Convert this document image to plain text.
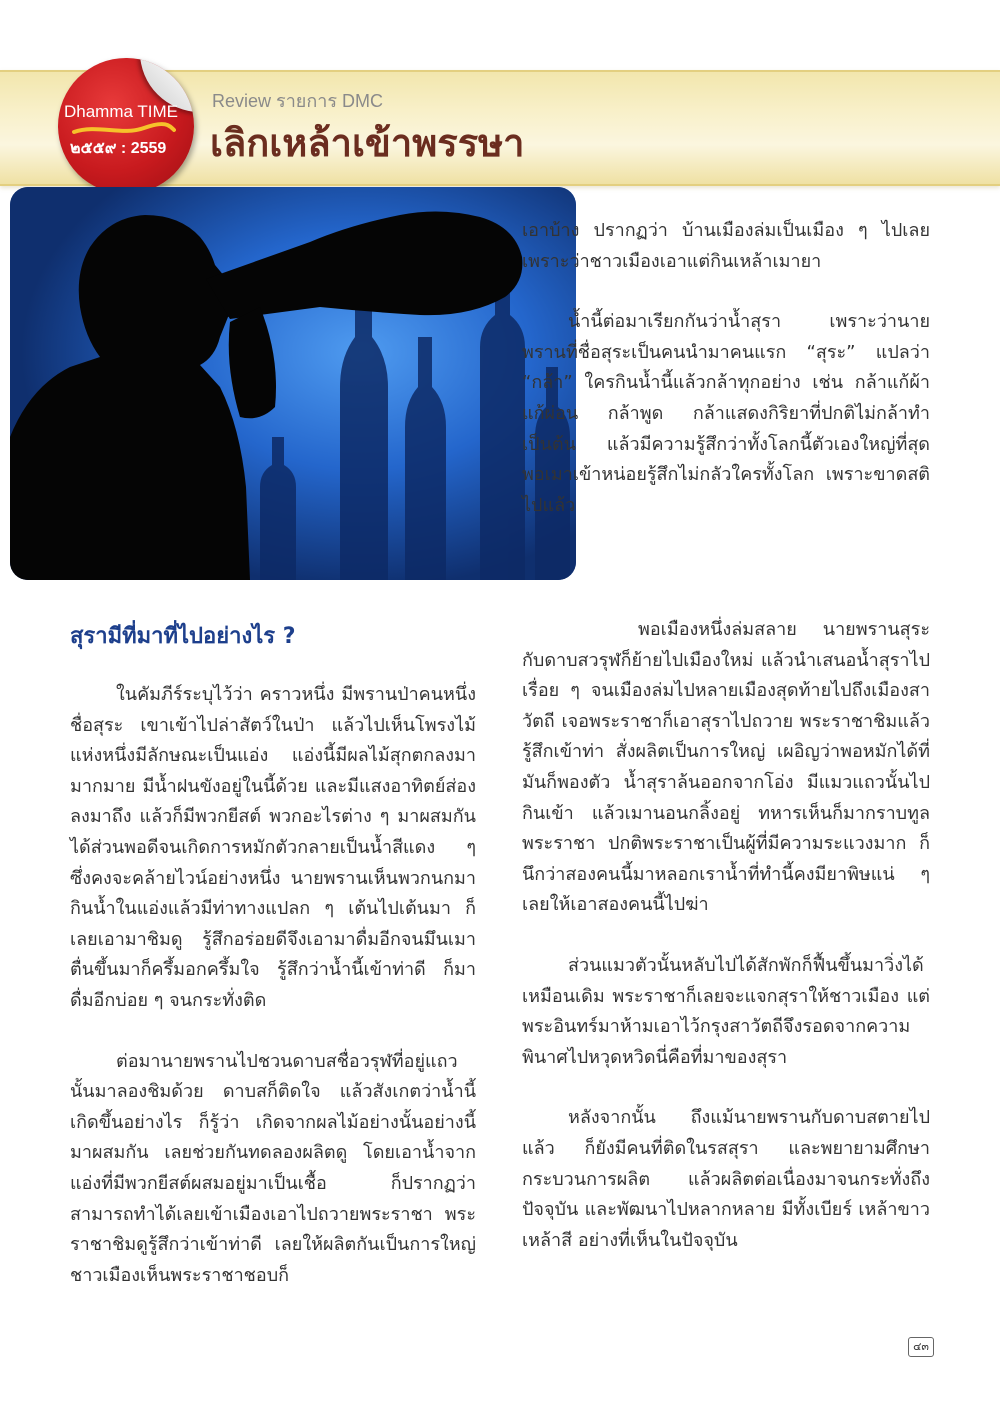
Dhamma TIME
๒๕๕๙ : 2559
Review รายการ DMC
เลิกเหล้าเข้าพรรษา

เอาบ้าง ปรากฏว่า บ้านเมืองล่มเป็นเมือง ๆ ไปเลย เพราะว่าชาวเมืองเอาแต่กินเหล้าเมายา

น้ำนี้ต่อมาเรียกกันว่าน้ำสุรา เพราะว่านายพรานที่ชื่อสุระเป็นคนนำมาคนแรก “สุระ” แปลว่า “กล้า” ใครกินน้ำนี้แล้วกล้าทุกอย่าง เช่น กล้าแก้ผ้าแก้ผ่อน กล้าพูด กล้าแสดงกิริยาที่ปกติไม่กล้าทำ เป็นต้น แล้วมีความรู้สึกว่าทั้งโลกนี้ตัวเองใหญ่ที่สุด พอเมาเข้าหน่อยรู้สึกไม่กลัวใครทั้งโลก เพราะขาดสติไปแล้ว

สุรามีที่มาที่ไปอย่างไร ?

ในคัมภีร์ระบุไว้ว่า คราวหนึ่ง มีพรานป่าคนหนึ่งชื่อสุระ เขาเข้าไปล่าสัตว์ในป่า แล้วไปเห็นโพรงไม้แห่งหนึ่งมีลักษณะเป็นแอ่ง แอ่งนี้มีผลไม้สุกตกลงมามากมาย มีน้ำฝนขังอยู่ในนี้ด้วย และมีแสงอาทิตย์ส่องลงมาถึง แล้วก็มีพวกยีสต์ พวกอะไรต่าง ๆ มาผสมกันได้ส่วนพอดีจนเกิดการหมักตัวกลายเป็นน้ำสีแดง ๆ ซึ่งคงจะคล้ายไวน์อย่างหนึ่ง นายพรานเห็นพวกนกมากินน้ำในแอ่งแล้วมีท่าทางแปลก ๆ เต้นไปเต้นมา ก็เลยเอามาชิมดู รู้สึกอร่อยดีจึงเอามาดื่มอีกจนมึนเมา ตื่นขึ้นมาก็ครึ้มอกครึ้มใจ รู้สึกว่าน้ำนี้เข้าท่าดี ก็มาดื่มอีกบ่อย ๆ จนกระทั่งติด

ต่อมานายพรานไปชวนดาบสชื่อวรุฬที่อยู่แถวนั้นมาลองชิมด้วย ดาบสก็ติดใจ แล้วสังเกตว่าน้ำนี้เกิดขึ้นอย่างไร ก็รู้ว่า เกิดจากผลไม้อย่างนั้นอย่างนี้มาผสมกัน เลยช่วยกันทดลองผลิตดู โดยเอาน้ำจากแอ่งที่มีพวกยีสต์ผสมอยู่มาเป็นเชื้อ ก็ปรากฏว่าสามารถทำได้เลยเข้าเมืองเอาไปถวายพระราชา พระราชาชิมดูรู้สึกว่าเข้าท่าดี เลยให้ผลิตกันเป็นการใหญ่ชาวเมืองเห็นพระราชาชอบก็

พอเมืองหนึ่งล่มสลาย นายพรานสุระกับดาบสวรุฬก็ย้ายไปเมืองใหม่ แล้วนำเสนอน้ำสุราไปเรื่อย ๆ จนเมืองล่มไปหลายเมืองสุดท้ายไปถึงเมืองสาวัตถี เจอพระราชาก็เอาสุราไปถวาย พระราชาชิมแล้วรู้สึกเข้าท่า สั่งผลิตเป็นการใหญ่ เผอิญว่าพอหมักได้ที่มันก็พองตัว น้ำสุราล้นออกจากโอ่ง มีแมวแถวนั้นไปกินเข้า แล้วเมานอนกลิ้งอยู่ ทหารเห็นก็มากราบทูลพระราชา ปกติพระราชาเป็นผู้ที่มีความระแวงมาก ก็นึกว่าสองคนนี้มาหลอกเราน้ำที่ทำนี้คงมียาพิษแน่ ๆ เลยให้เอาสองคนนี้ไปฆ่า

ส่วนแมวตัวนั้นหลับไปได้สักพักก็ฟื้นขึ้นมาวิ่งได้เหมือนเดิม พระราชาก็เลยจะแจกสุราให้ชาวเมือง แต่พระอินทร์มาห้ามเอาไว้กรุงสาวัตถีจึงรอดจากความพินาศไปหวุดหวิดนี่คือที่มาของสุรา

หลังจากนั้น ถึงแม้นายพรานกับดาบสตายไปแล้ว ก็ยังมีคนที่ติดในรสสุรา และพยายามศึกษากระบวนการผลิต แล้วผลิตต่อเนื่องมาจนกระทั่งถึงปัจจุบัน และพัฒนาไปหลากหลาย มีทั้งเบียร์ เหล้าขาว เหล้าสี อย่างที่เห็นในปัจจุบัน

๔๓
